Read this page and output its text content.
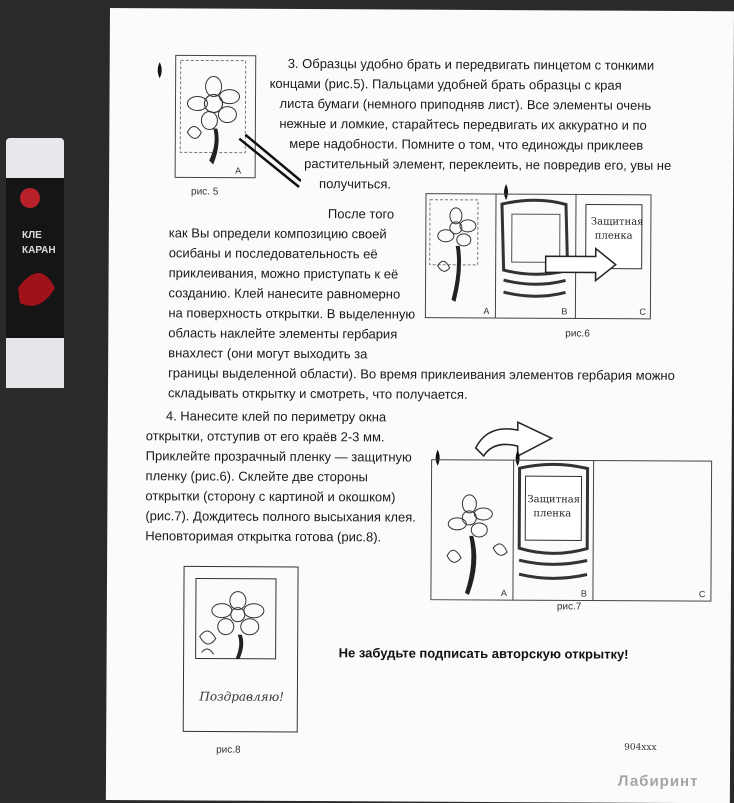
КЛЕ
КАРАН
A
рис. 5
3. Образцы удобно брать и передвигать пинцетом с тонкими
концами (рис.5). Пальцами удобней брать образцы с края
листа бумаги (немного приподняв лист). Все элементы очень
нежные и ломкие, старайтесь передвигать их аккуратно и по
мере надобности. Помните о том, что единожды приклеев
растительный элемент, переклеить, не повредив его, увы не
получиться.
Защитная
пленка
A	B	C
рис.6
После того
как Вы определи композицию своей
осибаны и последовательность её
приклеивания, можно приступать к её
созданию. Клей нанесите равномерно
на поверхность открытки. В выделенную
область наклейте элементы гербария
внахлест (они могут выходить за
границы выделенной области). Во время приклеивания элементов гербария можно
складывать открытку и смотреть, что получается.
4. Нанесите клей по периметру окна
открытки, отступив от его краёв 2-3 мм.
Приклейте прозрачный пленку — защитную
пленку (рис.6). Склейте две стороны
открытки (сторону с картиной и окошком)
(рис.7). Дождитесь полного высыхания клея.
Неповторимая открытка готова (рис.8).
Защитная
пленка
A	B	C
рис.7
Поздравляю!
рис.8
Не забудьте подписать авторскую открытку!
904ххх
Лабиринт
